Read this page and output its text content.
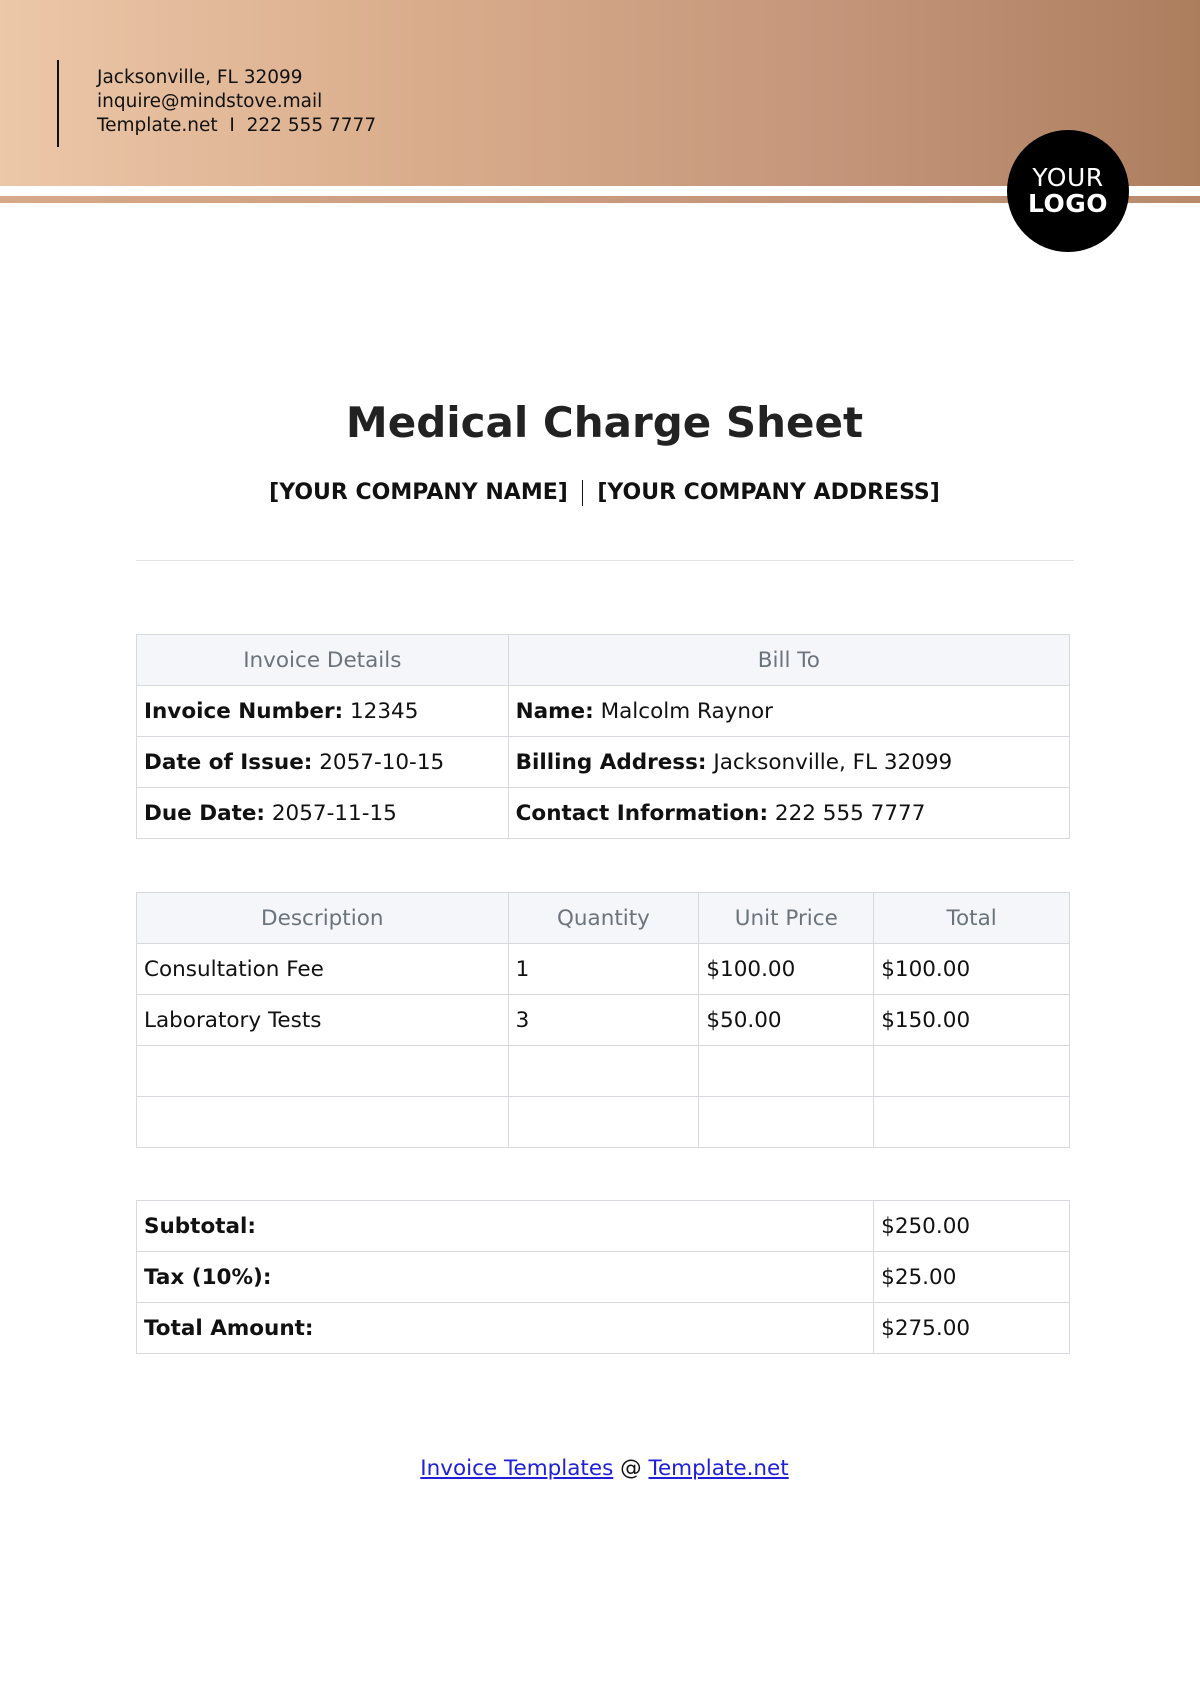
Jacksonville, FL 32099
inquire@mindstove.mail
Template.net  I  222 555 7777
YOUR
LOGO
Medical Charge Sheet
[YOUR COMPANY NAME] [YOUR COMPANY ADDRESS]
Invoice Details	Bill To
Invoice Number: 12345	Name: Malcolm Raynor
Date of Issue: 2057-10-15	Billing Address: Jacksonville, FL 32099
Due Date: 2057-11-15	Contact Information: 222 555 7777
Description	Quantity	Unit Price	Total
Consultation Fee	1	$100.00	$100.00
Laboratory Tests	3	$50.00	$150.00

Subtotal:	$250.00
Tax (10%):	$25.00
Total Amount:	$275.00
Invoice Templates @ Template.net
